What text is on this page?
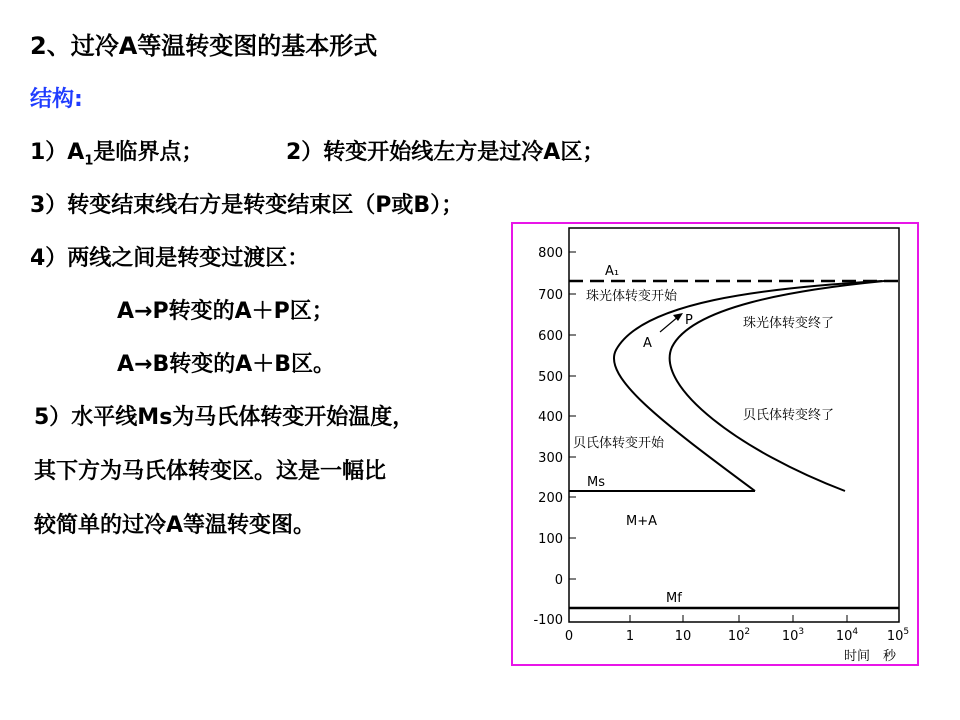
2、过冷A等温转变图的基本形式
结构:
$1)A_1$是临界点；	2）转变开始线左方是过冷A区；
3）转变结束线右方是转变结束区（P或B）；
4）两线之间是转变过渡区：
A→P转变的A＋P区；
A→B转变的A＋B区。
5）水平线Ms为马氏体转变开始温度，
其下方为马氏体转变区。这是一幅比
较简单的过冷A等温转变图。
800
700
600
500
400
300
200
100
0
-100
0	1	10	$10^2$ $10^3$ $10^4$ $10^5$
时间　秒
A₁
珠光体转变开始
P	珠光体转变终了
A
贝氏体转变终了
贝氏体转变开始
Ms
M+A
Mf
